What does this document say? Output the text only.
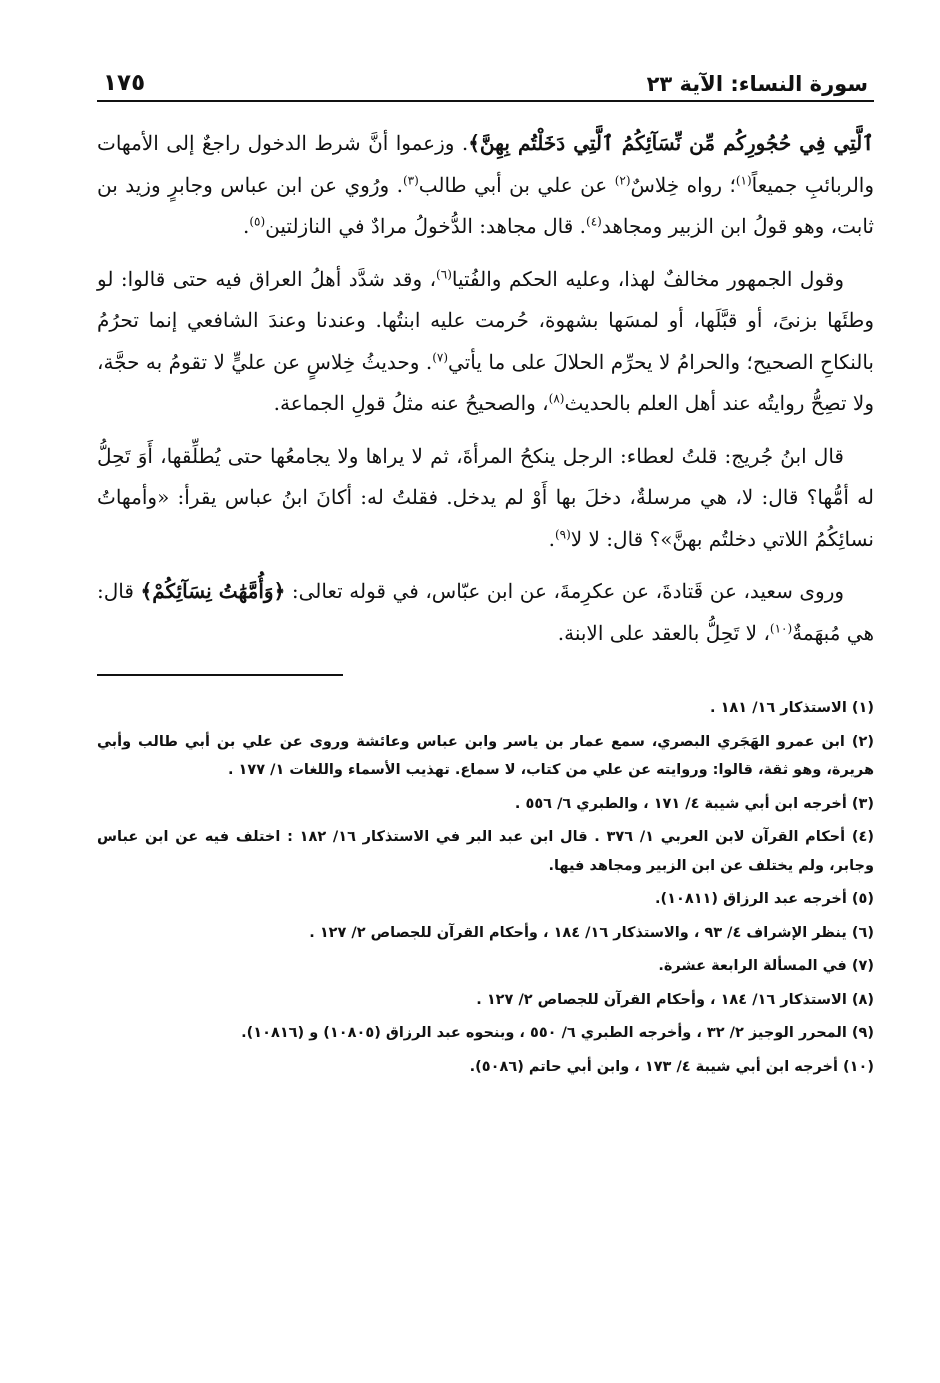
سورة النساء: الآية ٢٣
١٧٥
ٱلَّتِي فِي حُجُورِكُم مِّن نِّسَآئِكُمُ ٱلَّتِي دَخَلْتُم بِهِنَّ﴾. وزعموا أنَّ شرط الدخول راجعٌ إلى الأمهات والربائبِ جميعاً$^{(١)}$؛ رواه خِلاسٌ$^{(٢)}$ عن علي بن أبي طالب$^{(٣)}$. ورُوي عن ابن عباس وجابرٍ وزيد بن ثابت، وهو قولُ ابن الزبير ومجاهد$^{(٤)}$. قال مجاهد: الدُّخولُ مرادٌ في النازلتين$^{(٥)}$.
وقول الجمهور مخالفٌ لهذا، وعليه الحكم والفُتيا$^{(٦)}$، وقد شدَّد أهلُ العراق فيه حتى قالوا: لو وطئَها بزنىً، أو قبَّلَها، أو لمسَها بشهوة، حُرمت عليه ابنتُها. وعندنا وعندَ الشافعي إنما تحرُمُ بالنكاحِ الصحيح؛ والحرامُ لا يحرِّم الحلالَ على ما يأتي$^{(٧)}$. وحديثُ خِلاسٍ عن عليٍّ لا تقومُ به حجَّة، ولا تصِحُّ روايتُه عند أهل العلم بالحديث$^{(٨)}$، والصحيحُ عنه مثلُ قولِ الجماعة.
قال ابنُ جُريج: قلتُ لعطاء: الرجل ينكحُ المرأةَ، ثم لا يراها ولا يجامعُها حتى يُطلِّقها، أَوَ تَحِلُّ له أمُّها؟ قال: لا، هي مرسلةٌ، دخلَ بها أَوْ لم يدخل. فقلتُ له: أكانَ ابنُ عباس يقرأ: «وأمهاتُ نسائِكُمُ اللاتي دخلتُم بهنَّ»؟ قال: لا لا$^{(٩)}$.
وروى سعيد، عن قَتادةَ، عن عكرِمةَ، عن ابن عبّاس، في قوله تعالى: ﴿وَأُمَّهَٰتُ نِسَآئِكُمْ﴾ قال: هي مُبهَمةٌ$^{(١٠)}$، لا تَحِلُّ بالعقد على الابنة.
(١) الاستذكار ١٦/ ١٨١ .
(٢) ابن عمرو الهَجَري البصري، سمع عمار بن ياسر وابن عباس وعائشة وروى عن علي بن أبي طالب وأبي هريرة، وهو ثقة، قالوا: وروايته عن علي من كتاب، لا سماع. تهذيب الأسماء واللغات ١/ ١٧٧ .
(٣) أخرجه ابن أبي شيبة ٤/ ١٧١ ، والطبري ٦/ ٥٥٦ .
(٤) أحكام القرآن لابن العربي ١/ ٣٧٦ . قال ابن عبد البر في الاستذكار ١٦/ ١٨٢ : اختلف فيه عن ابن عباس وجابر، ولم يختلف عن ابن الزبير ومجاهد فيها.
(٥) أخرجه عبد الرزاق (١٠٨١١).
(٦) ينظر الإشراف ٤/ ٩٣ ، والاستذكار ١٦/ ١٨٤ ، وأحكام القرآن للجصاص ٢/ ١٢٧ .
(٧) في المسألة الرابعة عشرة.
(٨) الاستذكار ١٦/ ١٨٤ ، وأحكام القرآن للجصاص ٢/ ١٢٧ .
(٩) المحرر الوجيز ٢/ ٣٢ ، وأخرجه الطبري ٦/ ٥٥٠ ، وبنحوه عبد الرزاق (١٠٨٠٥) و (١٠٨١٦).
(١٠) أخرجه ابن أبي شيبة ٤/ ١٧٣ ، وابن أبي حاتم (٥٠٨٦).
